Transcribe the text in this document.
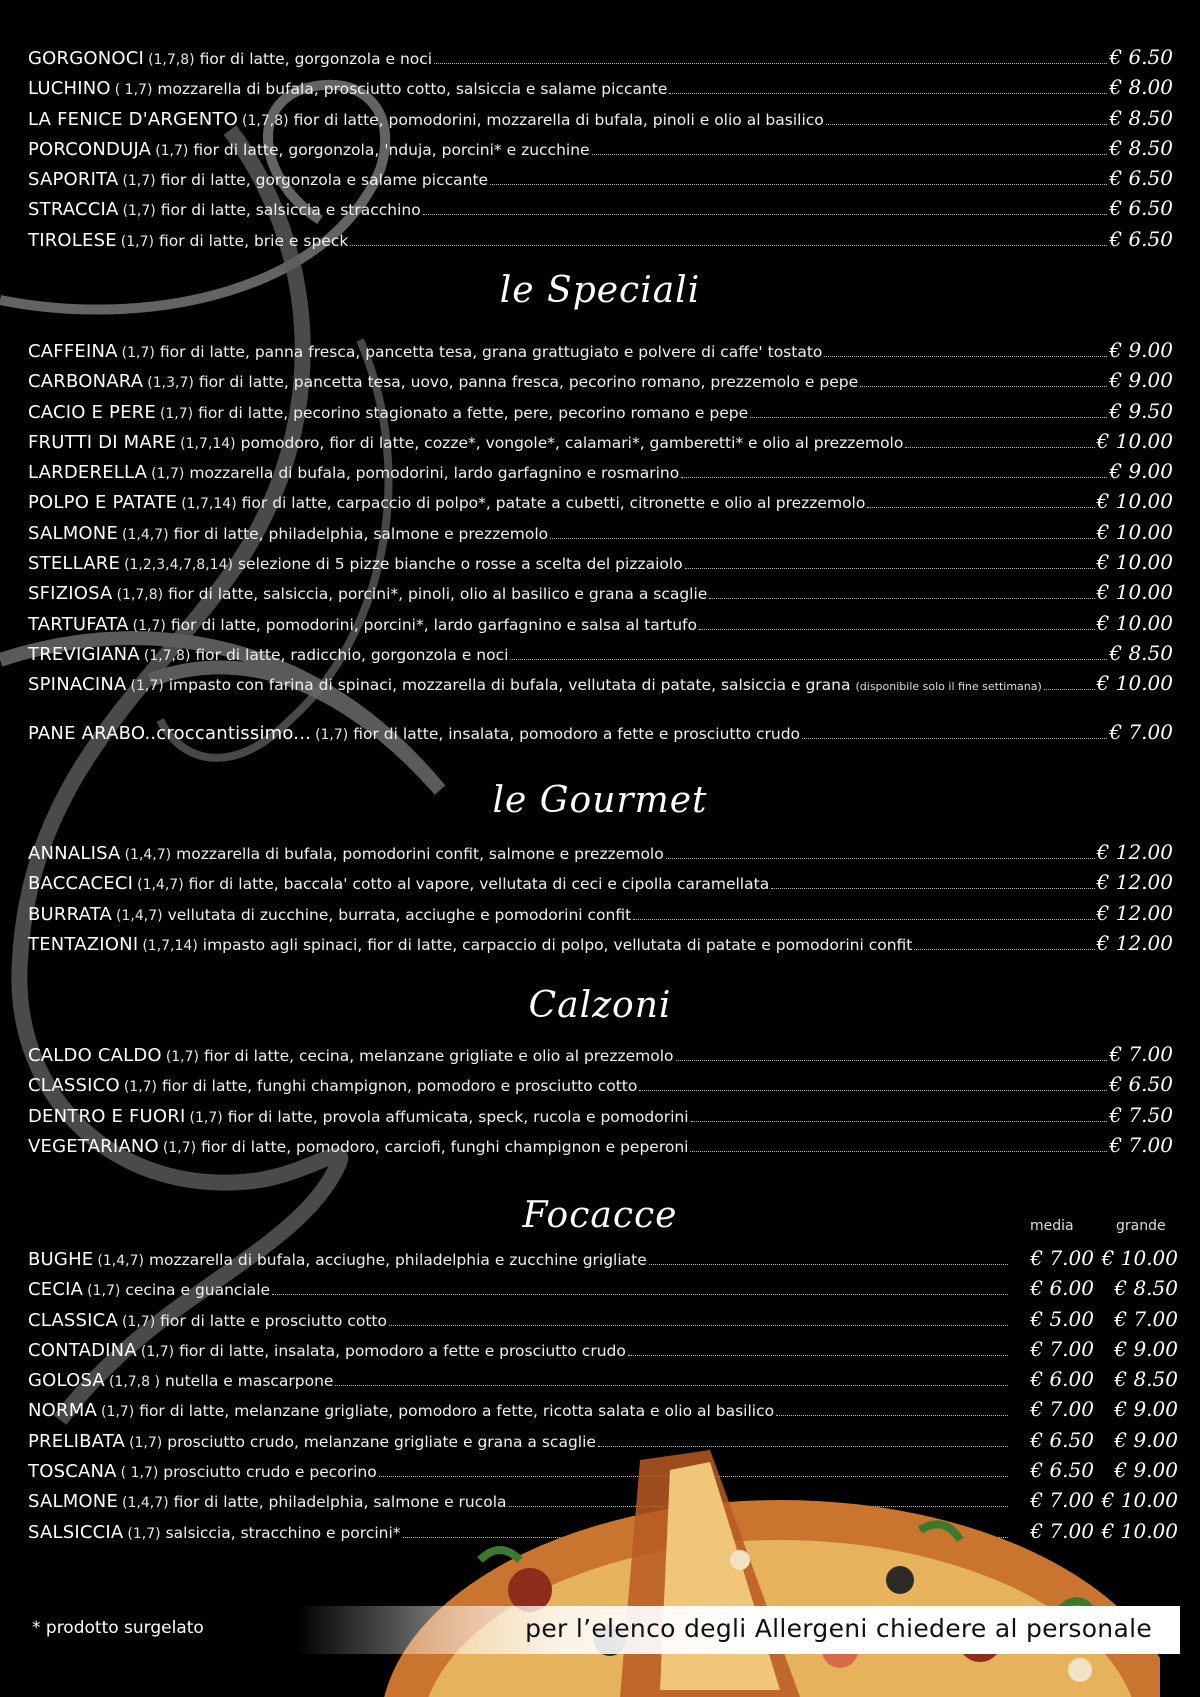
GORGONOCI (1,7,8) fior di latte, gorgonzola e noci	€ 6.50
LUCHINO ( 1,7) mozzarella di bufala, prosciutto cotto, salsiccia e salame piccante	€ 8.00
LA FENICE D'ARGENTO (1,7,8) fior di latte, pomodorini, mozzarella di bufala, pinoli e olio al basilico	€ 8.50
PORCONDUJA (1,7) fior di latte, gorgonzola, 'nduja, porcini* e zucchine	€ 8.50
SAPORITA (1,7) fior di latte, gorgonzola e salame piccante	€ 6.50
STRACCIA (1,7) fior di latte, salsiccia e stracchino	€ 6.50
TIROLESE (1,7) fior di latte, brie e speck	€ 6.50
le Speciali
CAFFEINA (1,7) fior di latte, panna fresca, pancetta tesa, grana grattugiato e polvere di caffe' tostato	€ 9.00
CARBONARA (1,3,7) fior di latte, pancetta tesa, uovo, panna fresca, pecorino romano, prezzemolo e pepe	€ 9.00
CACIO E PERE (1,7) fior di latte, pecorino stagionato a fette, pere, pecorino romano e pepe	€ 9.50
FRUTTI DI MARE (1,7,14) pomodoro, fior di latte, cozze*, vongole*, calamari*, gamberetti* e olio al prezzemolo	€ 10.00
LARDERELLA (1,7) mozzarella di bufala, pomodorini, lardo garfagnino e rosmarino	€ 9.00
POLPO E PATATE (1,7,14) fior di latte, carpaccio di polpo*, patate a cubetti, citronette e olio al prezzemolo	€ 10.00
SALMONE (1,4,7) fior di latte, philadelphia, salmone e prezzemolo	€ 10.00
STELLARE (1,2,3,4,7,8,14) selezione di 5 pizze bianche o rosse a scelta del pizzaiolo	€ 10.00
SFIZIOSA (1,7,8) fior di latte, salsiccia, porcini*, pinoli, olio al basilico e grana a scaglie	€ 10.00
TARTUFATA (1,7) fior di latte, pomodorini, porcini*, lardo garfagnino e salsa al tartufo	€ 10.00
TREVIGIANA (1,7,8) fior di latte, radicchio, gorgonzola e noci	€ 8.50
SPINACINA (1,7) impasto con farina di spinaci, mozzarella di bufala, vellutata di patate, salsiccia e grana (disponibile solo il fine settimana)	€ 10.00
PANE ARABO..croccantissimo... (1,7) fior di latte, insalata, pomodoro a fette e prosciutto crudo	€ 7.00
le Gourmet
ANNALISA (1,4,7) mozzarella di bufala, pomodorini confit, salmone e prezzemolo	€ 12.00
BACCACECI (1,4,7) fior di latte, baccala' cotto al vapore, vellutata di ceci e cipolla caramellata	€ 12.00
BURRATA (1,4,7) vellutata di zucchine, burrata, acciughe e pomodorini confit	€ 12.00
TENTAZIONI (1,7,14) impasto agli spinaci, fior di latte, carpaccio di polpo, vellutata di patate e pomodorini confit	€ 12.00
Calzoni
CALDO CALDO (1,7) fior di latte, cecina, melanzane grigliate e olio al prezzemolo	€ 7.00
CLASSICO (1,7) fior di latte, funghi champignon, pomodoro e prosciutto cotto	€ 6.50
DENTRO E FUORI (1,7) fior di latte, provola affumicata, speck, rucola e pomodorini	€ 7.50
VEGETARIANO (1,7) fior di latte, pomodoro, carciofi, funghi champignon e peperoni	€ 7.00
Focacce	media	grande
BUGHE (1,4,7) mozzarella di bufala, acciughe, philadelphia e zucchine grigliate	€ 7.00 € 10.00
CECIA (1,7) cecina e guanciale	€ 6.00	€ 8.50
CLASSICA (1,7) fior di latte e prosciutto cotto	€ 5.00	€ 7.00
CONTADINA (1,7) fior di latte, insalata, pomodoro a fette e prosciutto crudo	€ 7.00	€ 9.00
GOLOSA (1,7,8 ) nutella e mascarpone	€ 6.00	€ 8.50
NORMA (1,7) fior di latte, melanzane grigliate, pomodoro a fette, ricotta salata e olio al basilico	€ 7.00	€ 9.00
PRELIBATA (1,7) prosciutto crudo, melanzane grigliate e grana a scaglie	€ 6.50	€ 9.00
TOSCANA ( 1,7) prosciutto crudo e pecorino	€ 6.50	€ 9.00
SALMONE (1,4,7) fior di latte, philadelphia, salmone e rucola	€ 7.00 € 10.00
SALSICCIA (1,7) salsiccia, stracchino e porcini*	€ 7.00 € 10.00
per l’elenco degli Allergeni chiedere al personale
* prodotto surgelato
